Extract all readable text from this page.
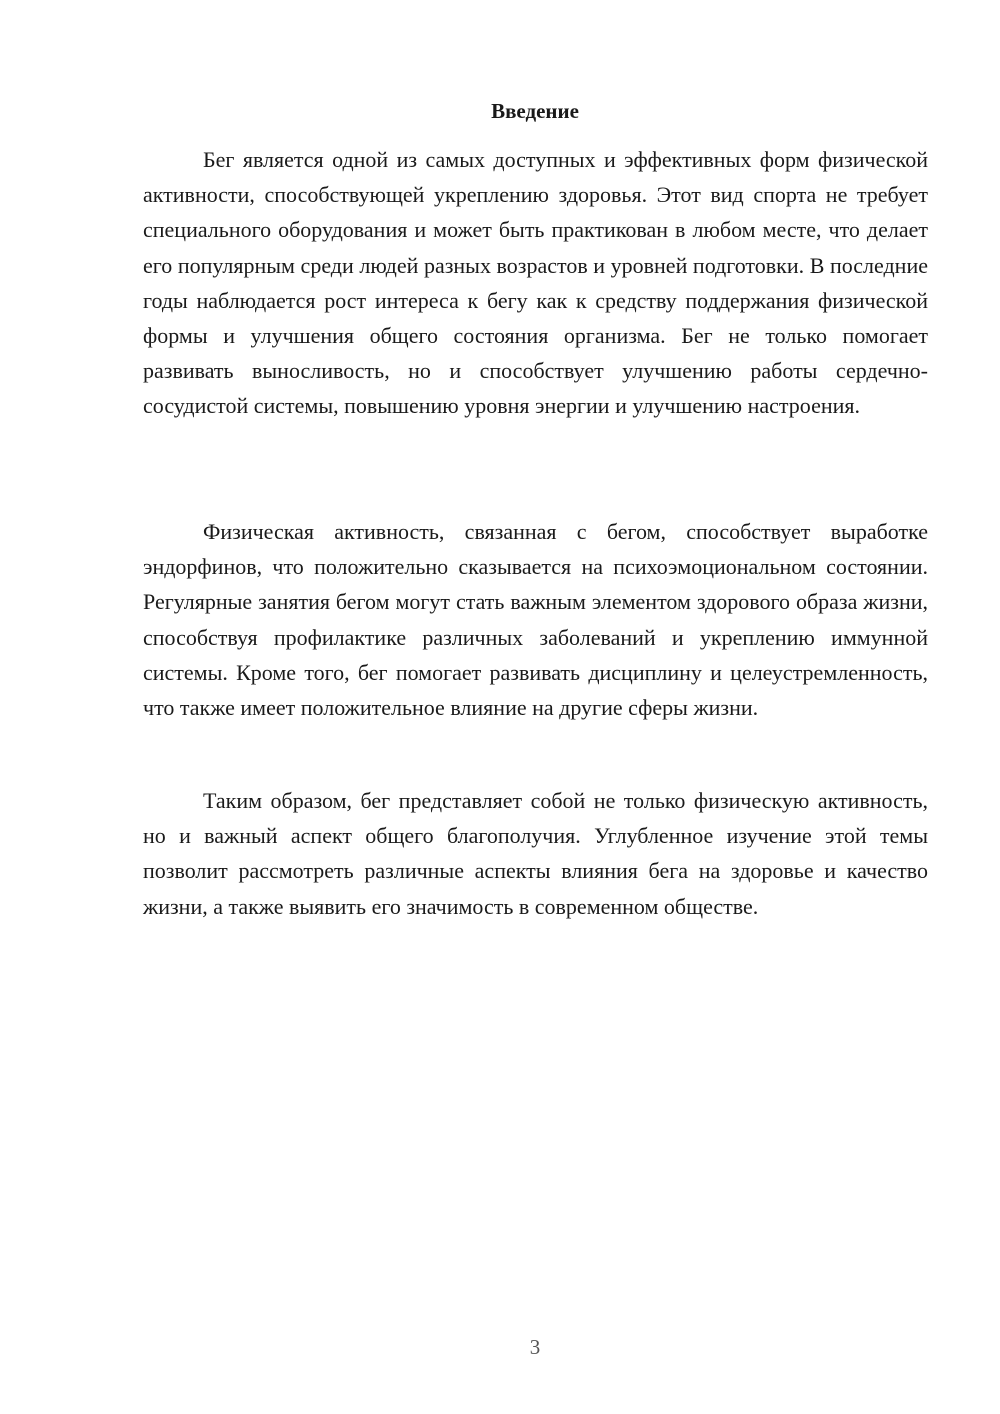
Введение

Бег является одной из самых доступных и эффективных форм физической активности, способствующей укреплению здоровья. Этот вид спорта не требует специального оборудования и может быть практикован в любом месте, что делает его популярным среди людей разных возрастов и уровней подготовки. В последние годы наблюдается рост интереса к бегу как к средству поддержания физической формы и улучшения общего состояния организма. Бег не только помогает развивать выносливость, но и способствует улучшению работы сердечно-сосудистой системы, повышению уровня энергии и улучшению настроения.

Физическая активность, связанная с бегом, способствует выработке эндорфинов, что положительно сказывается на психоэмоциональном состоянии. Регулярные занятия бегом могут стать важным элементом здорового образа жизни, способствуя профилактике различных заболеваний и укреплению иммунной системы. Кроме того, бег помогает развивать дисциплину и целеустремленность, что также имеет положительное влияние на другие сферы жизни.

Таким образом, бег представляет собой не только физическую активность, но и важный аспект общего благополучия. Углубленное изучение этой темы позволит рассмотреть различные аспекты влияния бега на здоровье и качество жизни, а также выявить его значимость в современном обществе.

3
